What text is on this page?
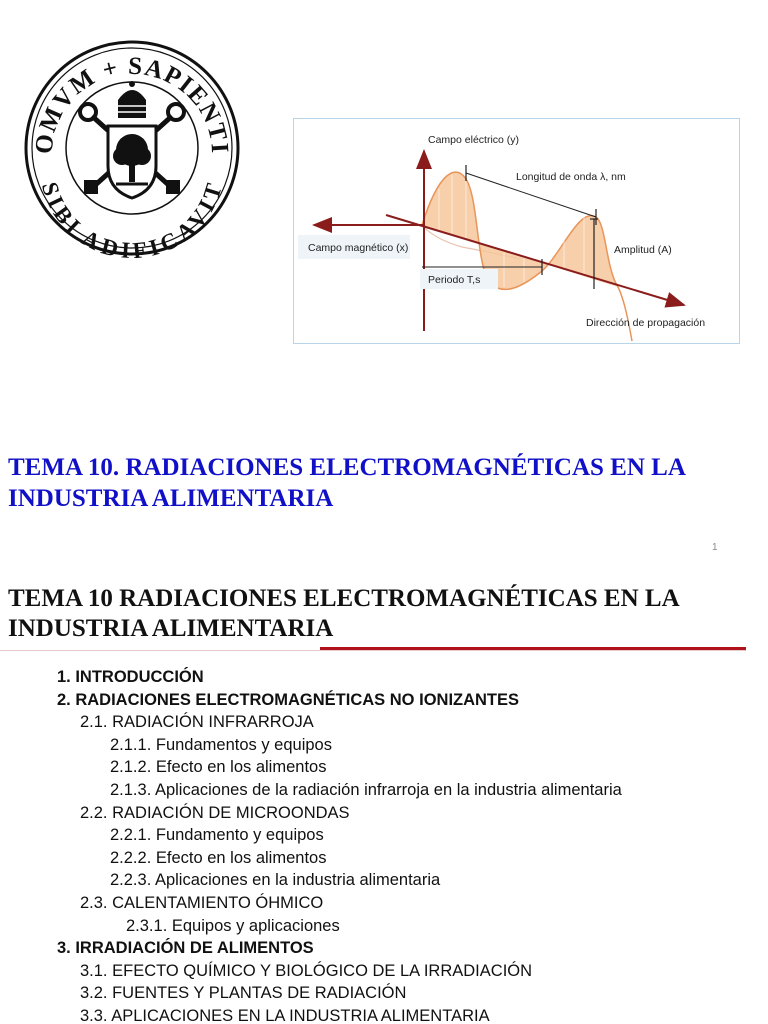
OMVM + SAPIENTI
SIBI ADIFICAVIT
Campo eléctrico (y)
Longitud de onda λ, nm
Campo magnético (x)	Amplitud (A)
Periodo T,s
Dirección de propagación
TEMA 10. RADIACIONES ELECTROMAGNÉTICAS EN LA INDUSTRIA ALIMENTARIA
1
TEMA 10 RADIACIONES ELECTROMAGNÉTICAS EN LA INDUSTRIA ALIMENTARIA
1. INTRODUCCIÓN
2. RADIACIONES ELECTROMAGNÉTICAS NO IONIZANTES
2.1. RADIACIÓN INFRARROJA
2.1.1. Fundamentos y equipos
2.1.2. Efecto en los alimentos
2.1.3. Aplicaciones de la radiación infrarroja en la industria alimentaria
2.2. RADIACIÓN DE MICROONDAS
2.2.1. Fundamento y equipos
2.2.2. Efecto en los alimentos
2.2.3. Aplicaciones en la industria alimentaria
2.3. CALENTAMIENTO ÓHMICO
2.3.1. Equipos y aplicaciones
3. IRRADIACIÓN DE ALIMENTOS
3.1. EFECTO QUÍMICO Y BIOLÓGICO DE LA IRRADIACIÓN
3.2. FUENTES Y PLANTAS DE RADIACIÓN
3.3. APLICACIONES EN LA INDUSTRIA ALIMENTARIA
